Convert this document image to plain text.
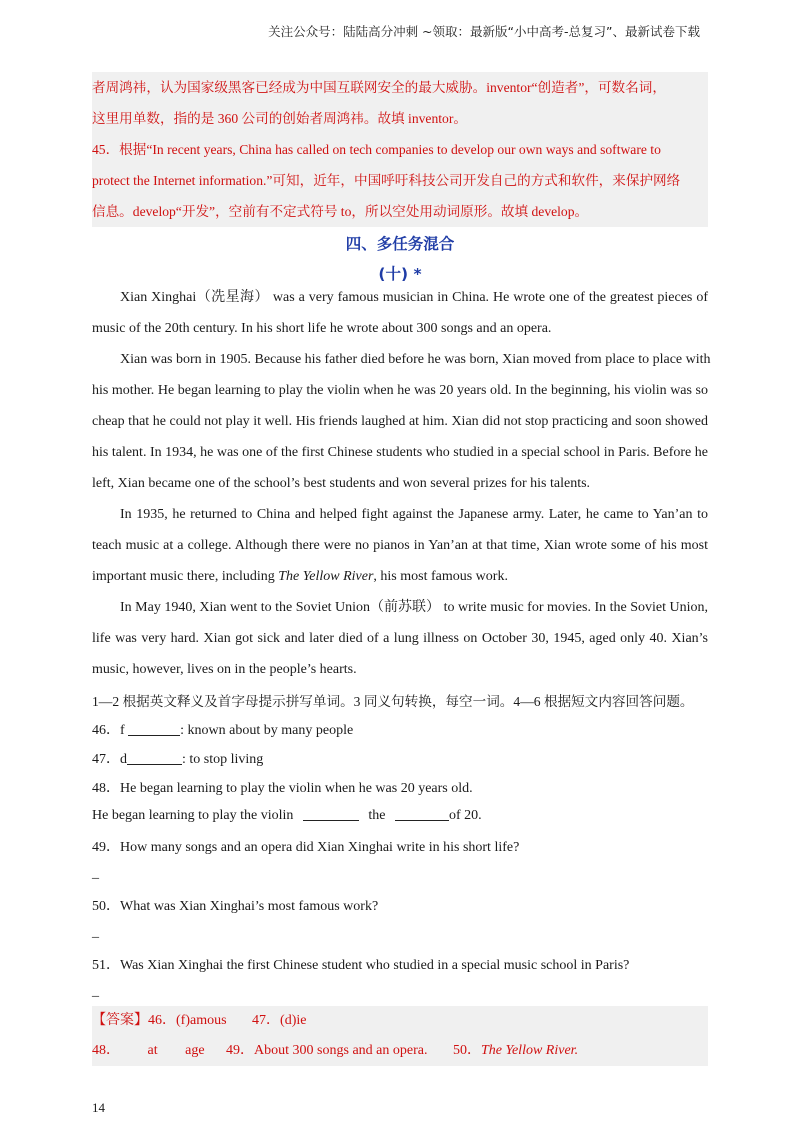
关注公众号：陆陆高分冲刺 ~领取：最新版“小中高考-总复习”、最新试卷下载
者周鸿祎，认为国家级黑客已经成为中国互联网安全的最大威胁。inventor“创造者”，可数名词，
这里用单数，指的是 360 公司的创始者周鸿祎。故填 inventor。
45．根据“In recent years, China has called on tech companies to develop our own ways and software to
protect the Internet information.”可知，近年，中国呼吁科技公司开发自己的方式和软件，来保护网络
信息。develop“开发”，空前有不定式符号 to，所以空处用动词原形。故填 develop。
四、多任务混合
(十) *
Xian Xinghai（冼星海） was a very famous musician in China. He wrote one of the greatest pieces of
music of the 20th century. In his short life he wrote about 300 songs and an opera.
Xian was born in 1905. Because his father died before he was born, Xian moved from place to place with
his mother. He began learning to play the violin when he was 20 years old. In the beginning, his violin was so
cheap that he could not play it well. His friends laughed at him. Xian did not stop practicing and soon showed
his talent. In 1934, he was one of the first Chinese students who studied in a special school in Paris. Before he
left, Xian became one of the school’s best students and won several prizes for his talents.
In 1935, he returned to China and helped fight against the Japanese army. Later, he came to Yan’an to
teach music at a college. Although there were no pianos in Yan’an at that time, Xian wrote some of his most
important music there, including The Yellow River, his most famous work.
In May 1940, Xian went to the Soviet Union（前苏联） to write music for movies. In the Soviet Union,
life was very hard. Xian got sick and later died of a lung illness on October 30, 1945, aged only 40. Xian’s
music, however, lives on in the people’s hearts.
1—2 根据英文释义及首字母提示拼写单词。3 同义句转换，每空一词。4—6 根据短文内容回答问题。
46．f	: known about by many people
47．d	: to stop living
48．He began learning to play the violin when he was 20 years old.
He began learning to play the violin	the	of 20.
49．How many songs and an opera did Xian Xinghai write in his short life?
_
50．What was Xian Xinghai’s most famous work?
_
51．Was Xian Xinghai the first Chinese student who studied in a special music school in Paris?
_
【答案】46．(f)amous 47．(d)ie
48． at age 49．About 300 songs and an opera. 50．The Yellow River.
14
